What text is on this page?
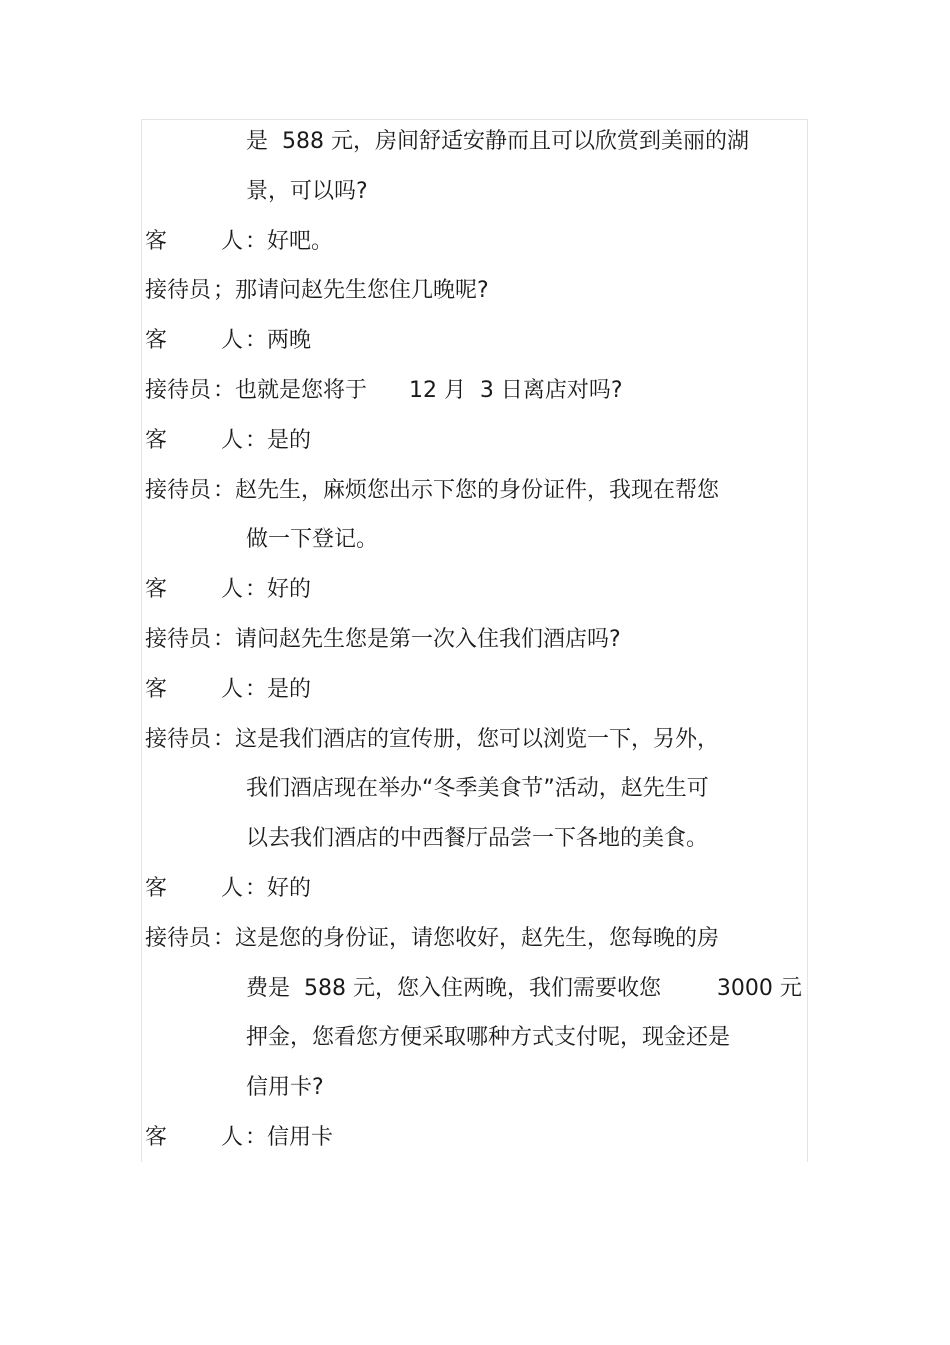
是  588 元，房间舒适安静而且可以欣赏到美丽的湖
景，可以吗?
客 人 ： 好吧。
接待员 ； 那请问赵先生您住几晚呢?
客 人 ： 两晚
接待员 ： 也就是您将于      12 月  3 日离店对吗?
客 人 ： 是的
接待员 ： 赵先生，麻烦您出示下您的身份证件，我现在帮您
做一下登记。
客 人 ： 好的
接待员 ： 请问赵先生您是第一次入住我们酒店吗?
客 人 ： 是的
接待员 ： 这是我们酒店的宣传册，您可以浏览一下，另外，
我们酒店现在举办“冬季美食节”活动，赵先生可
以去我们酒店的中西餐厅品尝一下各地的美食。
客 人 ： 好的
接待员 ： 这是您的身份证，请您收好，赵先生，您每晚的房
费是  588 元，您入住两晚，我们需要收您        3000 元
押金，您看您方便采取哪种方式支付呢，现金还是
信用卡?
客 人 ： 信用卡
